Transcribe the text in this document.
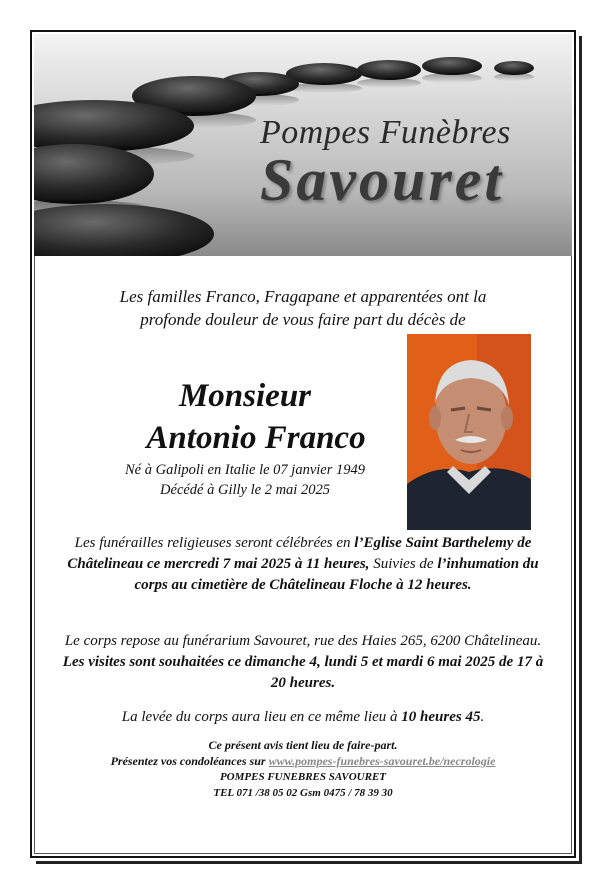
Pompes Funèbres
Savouret
Les familles Franco, Fragapane et apparentées ont la
profonde douleur de vous faire part du décès de
Monsieur
Antonio Franco
Né à Galipoli en Italie le 07 janvier 1949
Décédé à Gilly le 2 mai 2025
Les funérailles religieuses seront célébrées en l’Eglise Saint Barthelemy de Châtelineau ce mercredi 7 mai 2025 à 11 heures, Suivies de l’inhumation du corps au cimetière de Châtelineau Floche à 12 heures.
Le corps repose au funérarium Savouret, rue des Haies 265, 6200 Châtelineau. Les visites sont souhaitées ce dimanche 4, lundi 5 et mardi 6 mai 2025 de 17 à 20 heures.
La levée du corps aura lieu en ce même lieu à 10 heures 45.
Ce présent avis tient lieu de faire-part.
Présentez vos condoléances sur www.pompes-funebres-savouret.be/necrologie
POMPES FUNEBRES SAVOURET
TEL 071 /38 05 02 Gsm 0475 / 78 39 30
